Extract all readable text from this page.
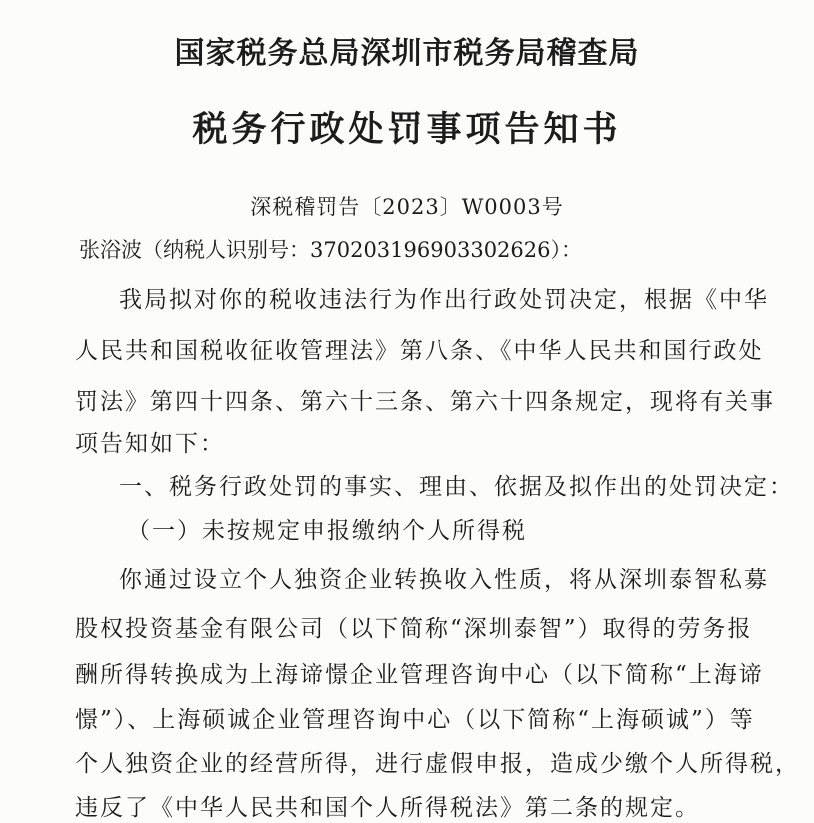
国家税务总局深圳市税务局稽查局
税务行政处罚事项告知书
深税稽罚告〔2023〕W0003号
张浴波（纳税人识别号：370203196903302626）：
我局拟对你的税收违法行为作出行政处罚决定，根据《中华
人民共和国税收征收管理法》第八条、《中华人民共和国行政处
罚法》第四十四条、第六十三条、第六十四条规定，现将有关事
项告知如下：
一、税务行政处罚的事实、理由、依据及拟作出的处罚决定：
（一）未按规定申报缴纳个人所得税
你通过设立个人独资企业转换收入性质，将从深圳泰智私募
股权投资基金有限公司（以下简称“深圳泰智”）取得的劳务报
酬所得转换成为上海谛憬企业管理咨询中心（以下简称“上海谛
憬”）、上海硕诚企业管理咨询中心（以下简称“上海硕诚”）等
个人独资企业的经营所得，进行虚假申报，造成少缴个人所得税，
违反了《中华人民共和国个人所得税法》第二条的规定。
